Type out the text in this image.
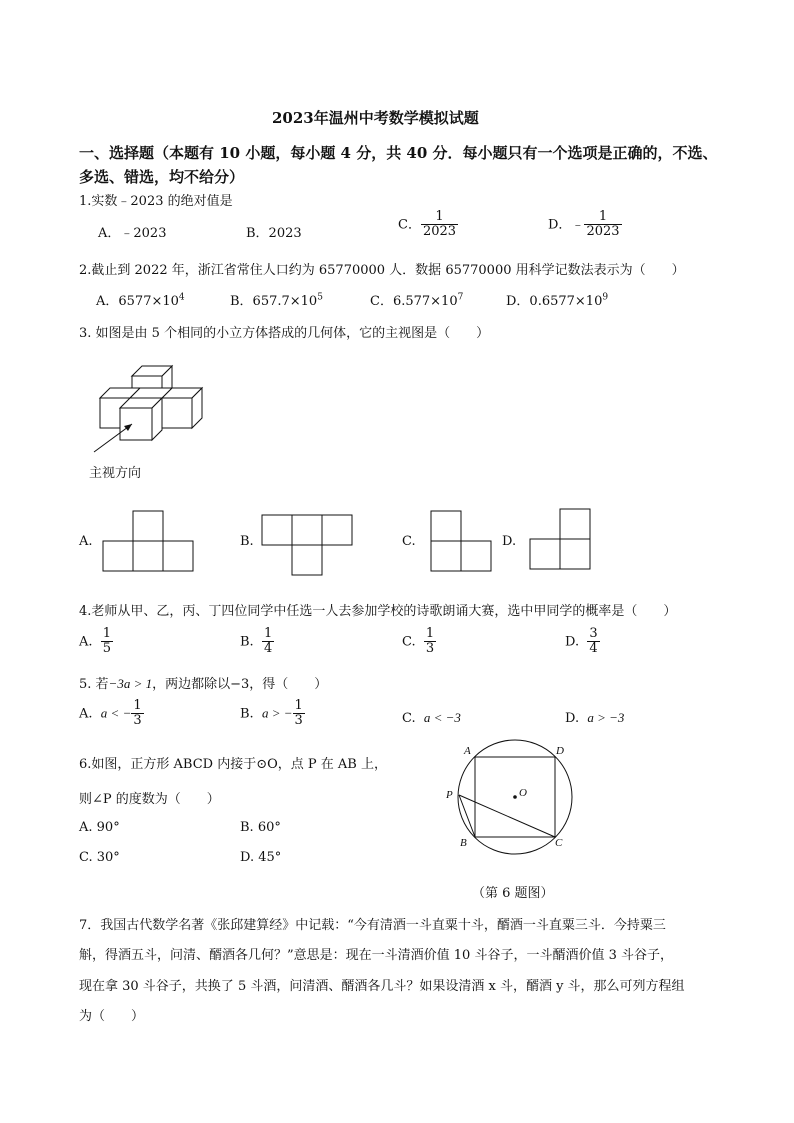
2023年温州中考数学模拟试题
一、选择题（本题有 10 小题，每小题 4 分，共 40 分．每小题只有一个选项是正确的，不选、
多选、错选，均不给分）
1.实数﹣2023 的绝对值是
A．﹣2023	B．2023
C． $\frac{1}{2023}$	D．﹣ $\frac{1}{2023}$
2.截止到 2022 年，浙江省常住人口约为 65770000 人．数据 65770000 用科学记数法表示为（　　）
A．$6577\times 10^4$	B．$657.7\times 10^5$	C．$6.577\times 10^7$	D．$0.6577\times 10^9$
3. 如图是由 5 个相同的小立方体搭成的几何体，它的主视图是（　　）
主视方向
A.	B.	C.	D.
4.老师从甲、乙，丙、丁四位同学中任选一人去参加学校的诗歌朗诵大赛，选中甲同学的概率是（　　）
A. $\frac{1}{5}$	B. $\frac{1}{4}$	C. $\frac{1}{3}$	D. $\frac{3}{4}$
5. 若−3a > 1，两边都除以−3，得（　　）
A. a < − $\frac{1}{3}$	B. a > − $\frac{1}{3}$	C. a < −3	D. a > −3
6.如图，正方形 ABCD 内接于⊙O，点 P 在 AB 上，
则∠P 的度数为（　　）
A. 90°	B. 60°
C. 30°	D. 45°
A	D
B	C
O
P
（第 6 题图）
7．我国古代数学名著《张邱建算经》中记载：“今有清酒一斗直粟十斗，醑酒一斗直粟三斗．今持粟三
斛，得酒五斗，问清、醑酒各几何？”意思是：现在一斗清酒价值 10 斗谷子，一斗醑酒价值 3 斗谷子，
现在拿 30 斗谷子，共换了 5 斗酒，问清酒、醑酒各几斗？如果设清酒 x 斗，醑酒 y 斗，那么可列方程组
为（　　）
